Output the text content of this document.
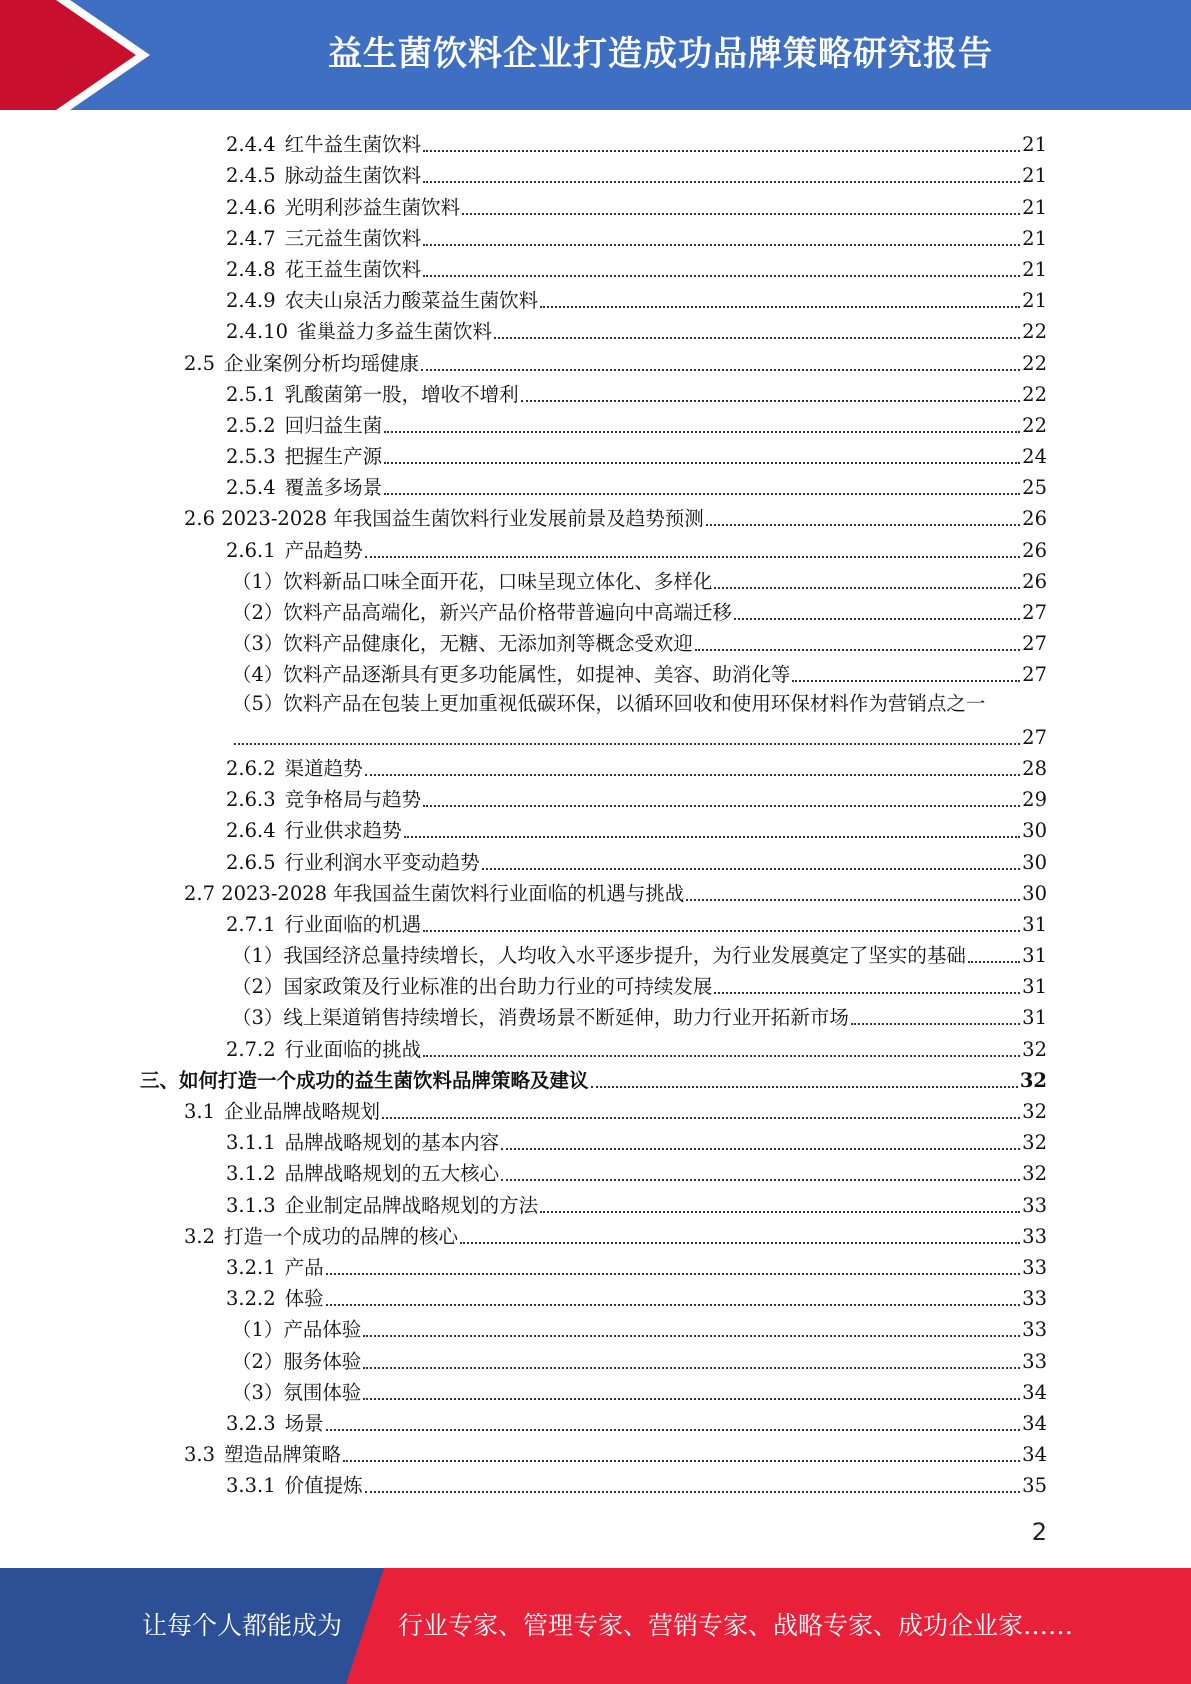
益生菌饮料企业打造成功品牌策略研究报告
2.4.4 红牛益生菌饮料	21
2.4.5 脉动益生菌饮料	21
2.4.6 光明利莎益生菌饮料	21
2.4.7 三元益生菌饮料	21
2.4.8 花王益生菌饮料	21
2.4.9 农夫山泉活力酸菜益生菌饮料	21
2.4.10 雀巢益力多益生菌饮料	22
2.5 企业案例分析均瑶健康	22
2.5.1 乳酸菌第一股，增收不增利	22
2.5.2 回归益生菌	22
2.5.3 把握生产源	24
2.5.4 覆盖多场景	25
2.6 2023-2028 年我国益生菌饮料行业发展前景及趋势预测	26
2.6.1 产品趋势	26
（1）饮料新品口味全面开花，口味呈现立体化、多样化	26
（2）饮料产品高端化，新兴产品价格带普遍向中高端迁移	27
（3）饮料产品健康化，无糖、无添加剂等概念受欢迎	27
（4）饮料产品逐渐具有更多功能属性，如提神、美容、助消化等	27
（5）饮料产品在包装上更加重视低碳环保，以循环回收和使用环保材料作为营销点之一
27
2.6.2 渠道趋势	28
2.6.3 竞争格局与趋势	29
2.6.4 行业供求趋势	30
2.6.5 行业利润水平变动趋势	30
2.7 2023-2028 年我国益生菌饮料行业面临的机遇与挑战	30
2.7.1 行业面临的机遇	31
（1）我国经济总量持续增长，人均收入水平逐步提升，为行业发展奠定了坚实的基础	31
（2）国家政策及行业标准的出台助力行业的可持续发展	31
（3）线上渠道销售持续增长，消费场景不断延伸，助力行业开拓新市场	31
2.7.2 行业面临的挑战	32
三、如何打造一个成功的益生菌饮料品牌策略及建议	32
3.1 企业品牌战略规划	32
3.1.1 品牌战略规划的基本内容	32
3.1.2 品牌战略规划的五大核心	32
3.1.3 企业制定品牌战略规划的方法	33
3.2 打造一个成功的品牌的核心	33
3.2.1 产品	33
3.2.2 体验	33
（1）产品体验	33
（2）服务体验	33
（3）氛围体验	34
3.2.3 场景	34
3.3 塑造品牌策略	34
3.3.1 价值提炼	35
2
让每个人都能成为 行业专家、管理专家、营销专家、战略专家、成功企业家……
